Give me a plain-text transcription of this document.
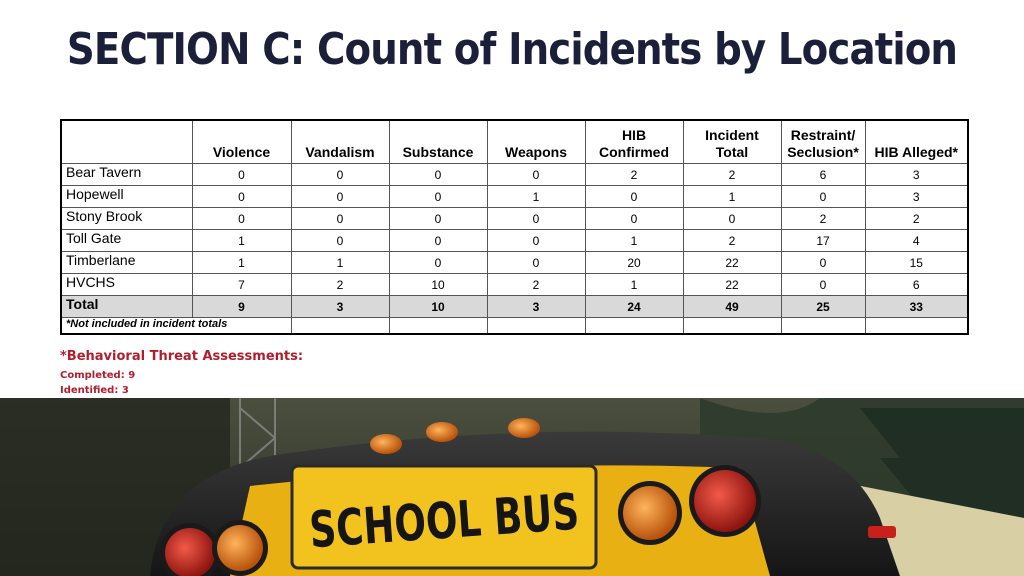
SECTION C: Count of Incidents by Location
	Violence	Vandalism	Substance	Weapons	HIB Confirmed	Incident Total	Restraint/ Seclusion*	HIB Alleged*
Bear Tavern	0	0	0	0	2	2	6	3
Hopewell	0	0	0	1	0	1	0	3
Stony Brook	0	0	0	0	0	0	2	2
Toll Gate	1	0	0	0	1	2	17	4
Timberlane	1	1	0	0	20	22	0	15
HVCHS	7	2	10	2	1	22	0	6
Total	9	3	10	3	24	49	25	33
*Not included in incident totals								
*Behavioral Threat Assessments:
Completed: 9
Identified: 3
SCHOOL BUS
